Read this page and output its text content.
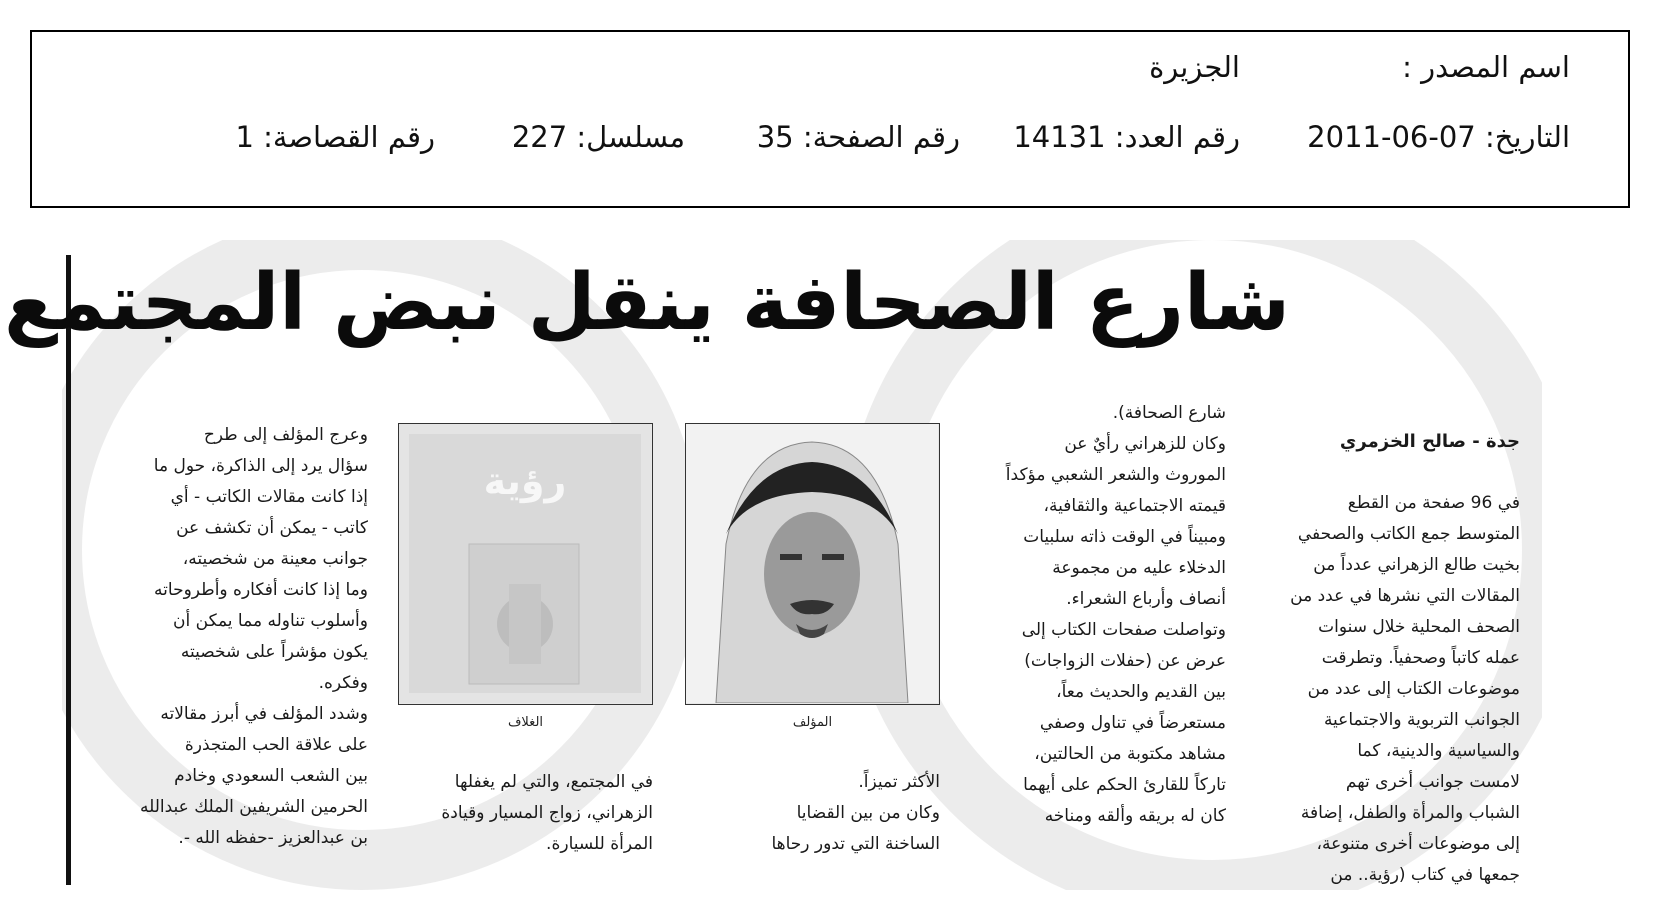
اسم المصدر :
الجزيرة
التاريخ: 07-06-2011
رقم العدد: 14131
رقم الصفحة: 35
مسلسل: 227
رقم القصاصة: 1
شارع الصحافة ينقل نبض المجتمع

جدة - صالح الخزمري

في 96 صفحة من القطع
المتوسط جمع الكاتب والصحفي
بخيت طالع الزهراني عدداً من
المقالات التي نشرها في عدد من
الصحف المحلية خلال سنوات
عمله كاتباً وصحفياً. وتطرقت
موضوعات الكتاب إلى عدد من
الجوانب التربوية والاجتماعية
والسياسية والدينية، كما
لامست جوانب أخرى تهم
الشباب والمرأة والطفل، إضافة
إلى موضوعات أخرى متنوعة،
جمعها في كتاب (رؤية.. من

شارع الصحافة).
وكان للزهراني رأيٌ عن
الموروث والشعر الشعبي مؤكداً
قيمته الاجتماعية والثقافية،
ومبيناً في الوقت ذاته سلبيات
الدخلاء عليه من مجموعة
أنصاف وأرباع الشعراء.
وتواصلت صفحات الكتاب إلى
عرض عن (حفلات الزواجات)
بين القديم والحديث معاً،
مستعرضاً في تناول وصفي
مشاهد مكتوبة من الحالتين،
تاركاً للقارئ الحكم على أيهما
كان له بريقه وألقه ومناخه
المؤلف
رؤية
الغلاف
الأكثر تميزاً.
وكان من بين القضايا
الساخنة التي تدور رحاها
في المجتمع، والتي لم يغفلها
الزهراني، زواج المسيار وقيادة
المرأة للسيارة.
وعرج المؤلف إلى طرح
سؤال يرد إلى الذاكرة، حول ما
إذا كانت مقالات الكاتب - أي
كاتب - يمكن أن تكشف عن
جوانب معينة من شخصيته،
وما إذا كانت أفكاره وأطروحاته
وأسلوب تناوله مما يمكن أن
يكون مؤشراً على شخصيته
وفكره.
وشدد المؤلف في أبرز مقالاته
على علاقة الحب المتجذرة
بين الشعب السعودي وخادم
الحرمين الشريفين الملك عبدالله
بن عبدالعزيز -حفظه الله -.
